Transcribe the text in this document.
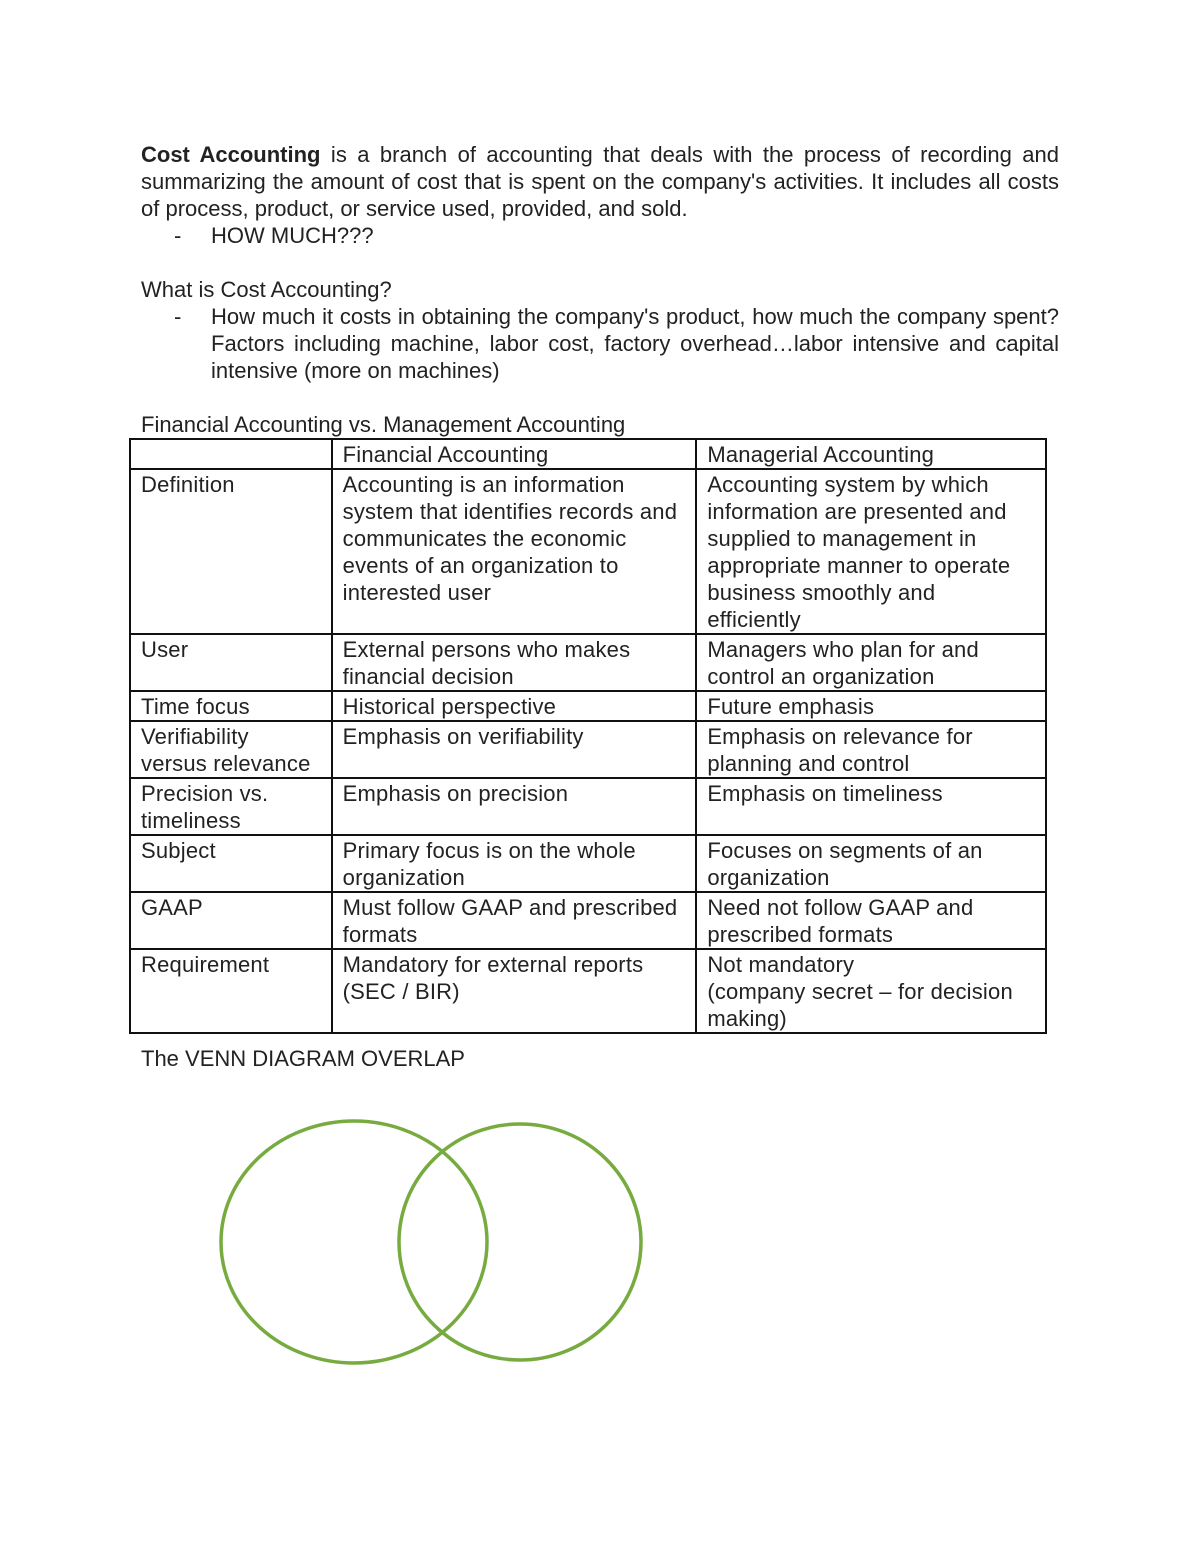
Cost Accounting is a branch of accounting that deals with the process of recording and summarizing the amount of cost that is spent on the company's activities. It includes all costs of process, product, or service used, provided, and sold.

- HOW MUCH???

What is Cost Accounting?

- How much it costs in obtaining the company's product, how much the company spent? Factors including machine, labor cost, factory overhead…labor intensive and capital intensive (more on machines)

Financial Accounting vs. Management Accounting

	Financial Accounting	Managerial Accounting
Definition	Accounting is an information system that identifies records and communicates the economic events of an organization to interested user	Accounting system by which information are presented and supplied to management in appropriate manner to operate business smoothly and efficiently
User	External persons who makes financial decision	Managers who plan for and control an organization
Time focus	Historical perspective	Future emphasis
Verifiability versus relevance	Emphasis on verifiability	Emphasis on relevance for planning and control
Precision vs. timeliness	Emphasis on precision	Emphasis on timeliness
Subject	Primary focus is on the whole organization	Focuses on segments of an organization
GAAP	Must follow GAAP and prescribed formats	Need not follow GAAP and prescribed formats
Requirement	Mandatory for external reports (SEC / BIR)	Not mandatory
(company secret – for decision making)

The VENN DIAGRAM OVERLAP
